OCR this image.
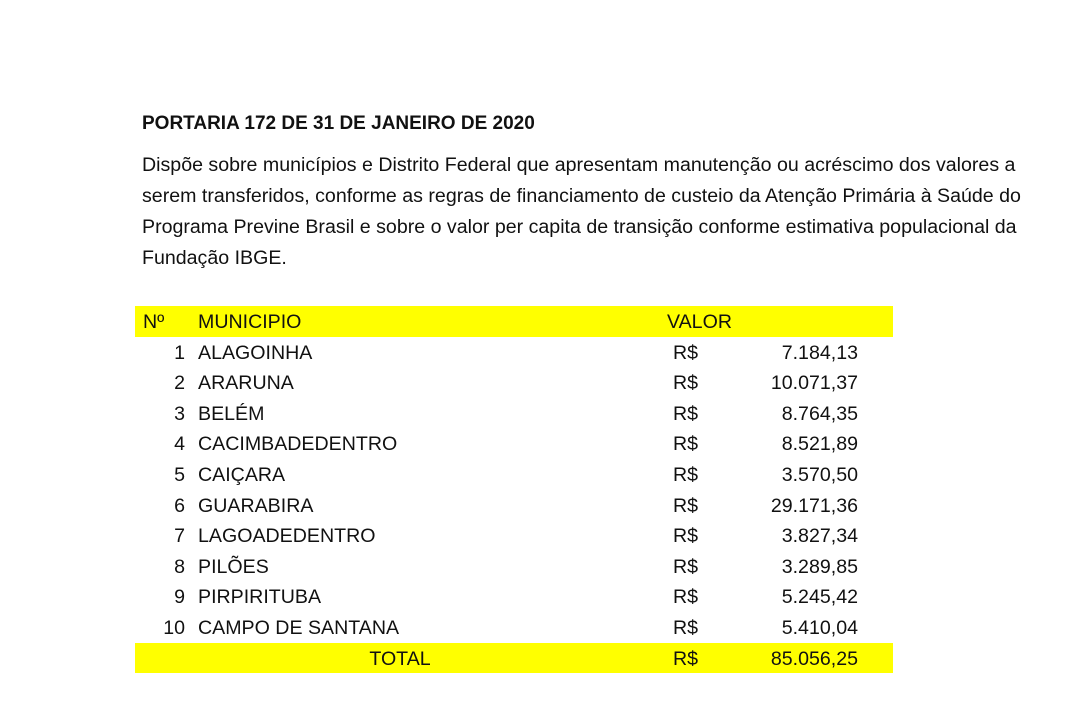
PORTARIA 172 DE 31 DE JANEIRO DE 2020

Dispõe sobre municípios e Distrito Federal que apresentam manutenção ou acréscimo dos valores a serem transferidos, conforme as regras de financiamento de custeio da Atenção Primária à Saúde do Programa Previne Brasil e sobre o valor per capita de transição conforme estimativa populacional da Fundação IBGE.

Nº MUNICIPIO	VALOR
1 ALAGOINHA	R$	7.184,13
2 ARARUNA	R$	10.071,37
3 BELÉM	R$	8.764,35
4 CACIMBADEDENTRO	R$	8.521,89
5 CAIÇARA	R$	3.570,50
6 GUARABIRA	R$	29.171,36
7 LAGOADEDENTRO	R$	3.827,34
8 PILÕES	R$	3.289,85
9 PIRPIRITUBA	R$	5.245,42
10 CAMPO DE SANTANA	R$	5.410,04
TOTAL	R$	85.056,25
